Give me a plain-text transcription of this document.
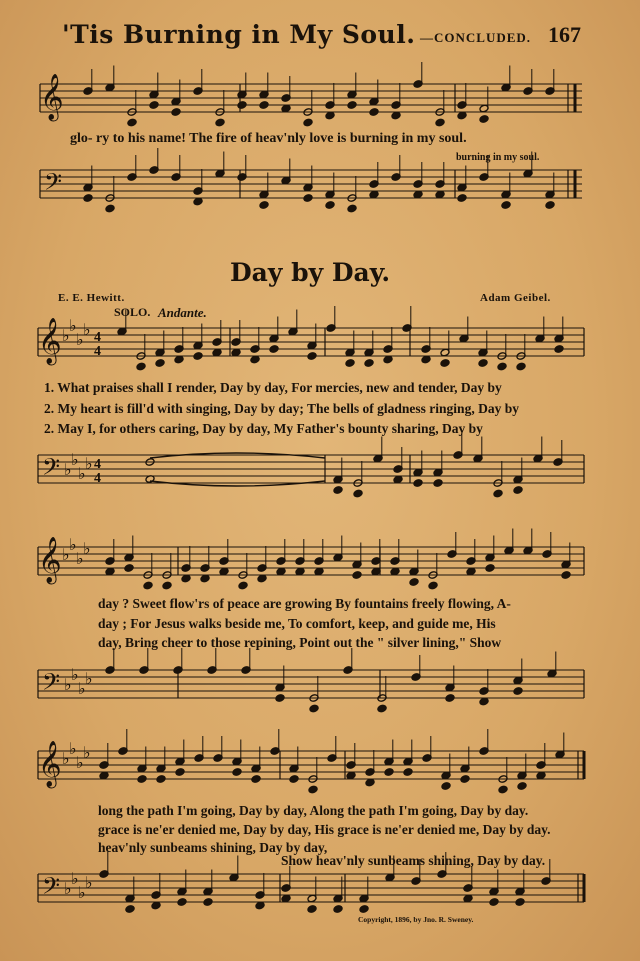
'Tis Burning in My Soul. —CONCLUDED. 167
𝄞
𝄢
𝄞 ♭
♭
♭
♭ 4
4
𝄢 ♭
♭
♭
♭ 4
4
𝄞 ♭
♭
♭
♭
𝄢 ♭
♭
♭
♭
𝄞 ♭
♭
♭
♭
𝄢 ♭
♭
♭
♭
glo- ry to his name! The fire of heav'nly love is burning in my soul.
burning in my soul.
Day by Day.
E. E. Hewitt.	Adam Geibel.
SOLO. Andante.
1. What praises shall I render, Day by day, For mercies, new and tender, Day by
2. My heart is fill'd with singing, Day by day; The bells of gladness ringing, Day by
2. May I, for others caring, Day by day, My Father's bounty sharing, Day by
day ? Sweet flow'rs of peace are growing By fountains freely flowing, A-
day ; For Jesus walks beside me, To comfort, keep, and guide me, His
day, Bring cheer to those repining, Point out the " silver lining," Show
long the path I'm going, Day by day, Along the path I'm going, Day by day.
grace is ne'er denied me, Day by day, His grace is ne'er denied me, Day by day.
heav'nly sunbeams shining, Day by day,
Show heav'nly sunbeams shining, Day by day.
Copyright, 1896, by Jno. R. Sweney.
